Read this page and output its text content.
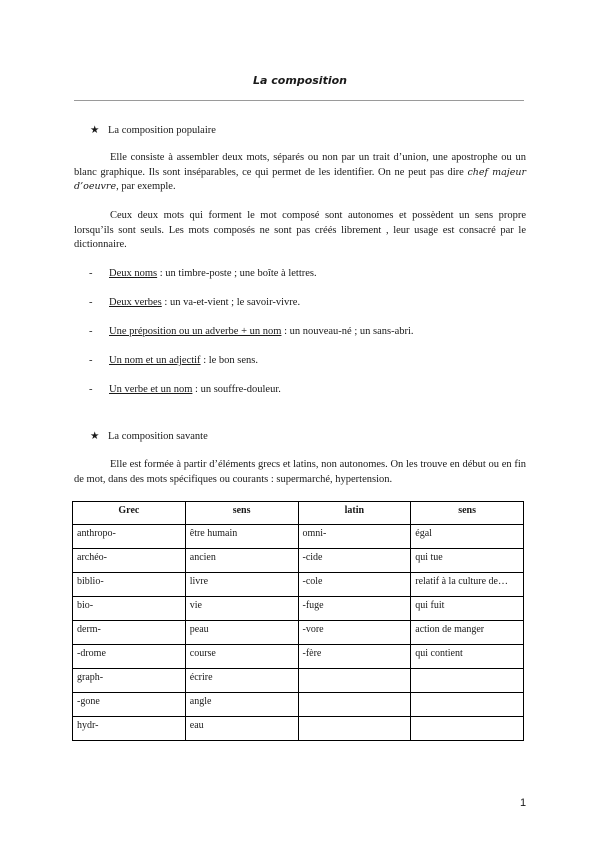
La composition
★ La composition populaire

Elle consiste à assembler deux mots, séparés ou non par un trait d’union, une apostrophe ou un blanc graphique. Ils sont inséparables, ce qui permet de les identifier. On ne peut pas dire chef majeur d’oeuvre, par exemple.

Ceux deux mots qui forment le mot composé sont autonomes et possèdent un sens propre lorsqu’ils sont seuls. Les mots composés ne sont pas créés librement , leur usage est consacré par le dictionnaire.

- Deux noms : un timbre-poste ; une boîte à lettres.
- Deux verbes : un va-et-vient ; le savoir-vivre.
- Une préposition ou un adverbe + un nom : un nouveau-né ; un sans-abri.
- Un nom et un adjectif : le bon sens.
- Un verbe et un nom : un souffre-douleur.
★ La composition savante

Elle est formée à partir d’éléments grecs et latins, non autonomes. On les trouve en début ou en fin de mot, dans des mots spécifiques ou courants : supermarché, hypertension.

Grec	sens	latin	sens
anthropo-	être humain	omni-	égal
archéo-	ancien	-cide	qui tue
biblio-	livre	-cole	relatif à la culture de…
bio-	vie	-fuge	qui fuit
derm-	peau	-vore	action de manger
-drome	course	-fère	qui contient
graph-	écrire		
-gone	angle		
hydr-	eau		
1
